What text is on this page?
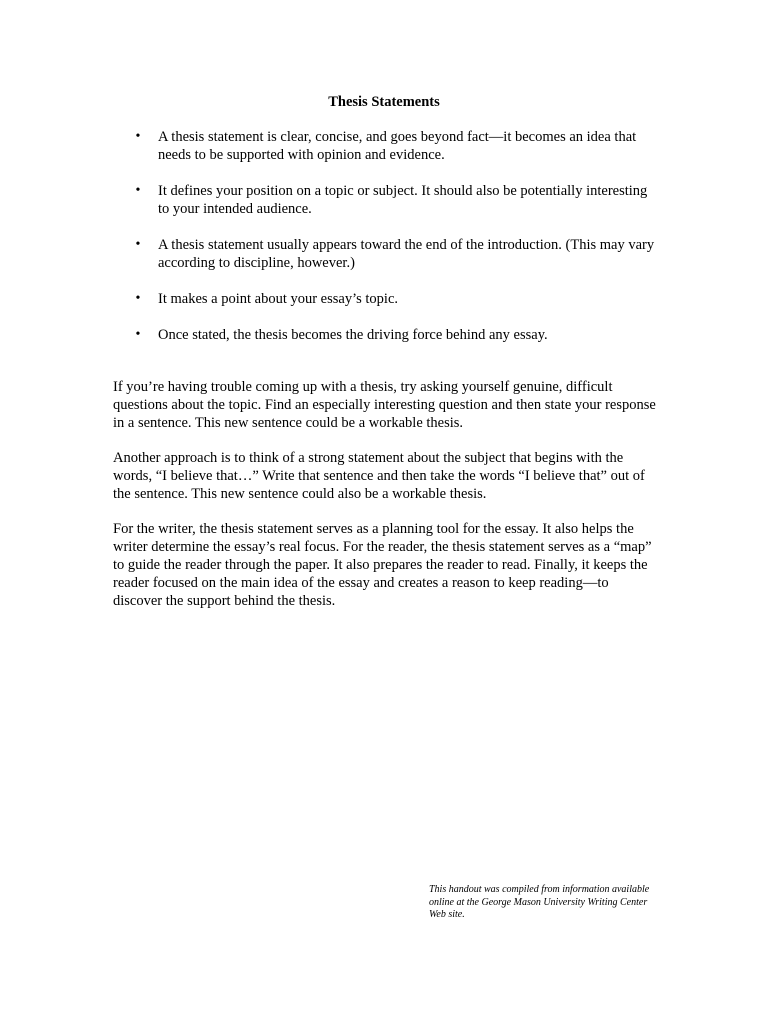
Thesis Statements
• A thesis statement is clear, concise, and goes beyond fact—it becomes an idea that needs to be supported with opinion and evidence.
• It defines your position on a topic or subject. It should also be potentially interesting to your intended audience.
• A thesis statement usually appears toward the end of the introduction. (This may vary according to discipline, however.)
• It makes a point about your essay’s topic.
• Once stated, the thesis becomes the driving force behind any essay.

If you’re having trouble coming up with a thesis, try asking yourself genuine, difficult questions about the topic. Find an especially interesting question and then state your response in a sentence. This new sentence could be a workable thesis.

Another approach is to think of a strong statement about the subject that begins with the words, “I believe that…” Write that sentence and then take the words “I believe that” out of the sentence. This new sentence could also be a workable thesis.

For the writer, the thesis statement serves as a planning tool for the essay. It also helps the writer determine the essay’s real focus. For the reader, the thesis statement serves as a “map” to guide the reader through the paper. It also prepares the reader to read. Finally, it keeps the reader focused on the main idea of the essay and creates a reason to keep reading—to discover the support behind the thesis.

This handout was compiled from information available online at the George Mason University Writing Center Web site.
